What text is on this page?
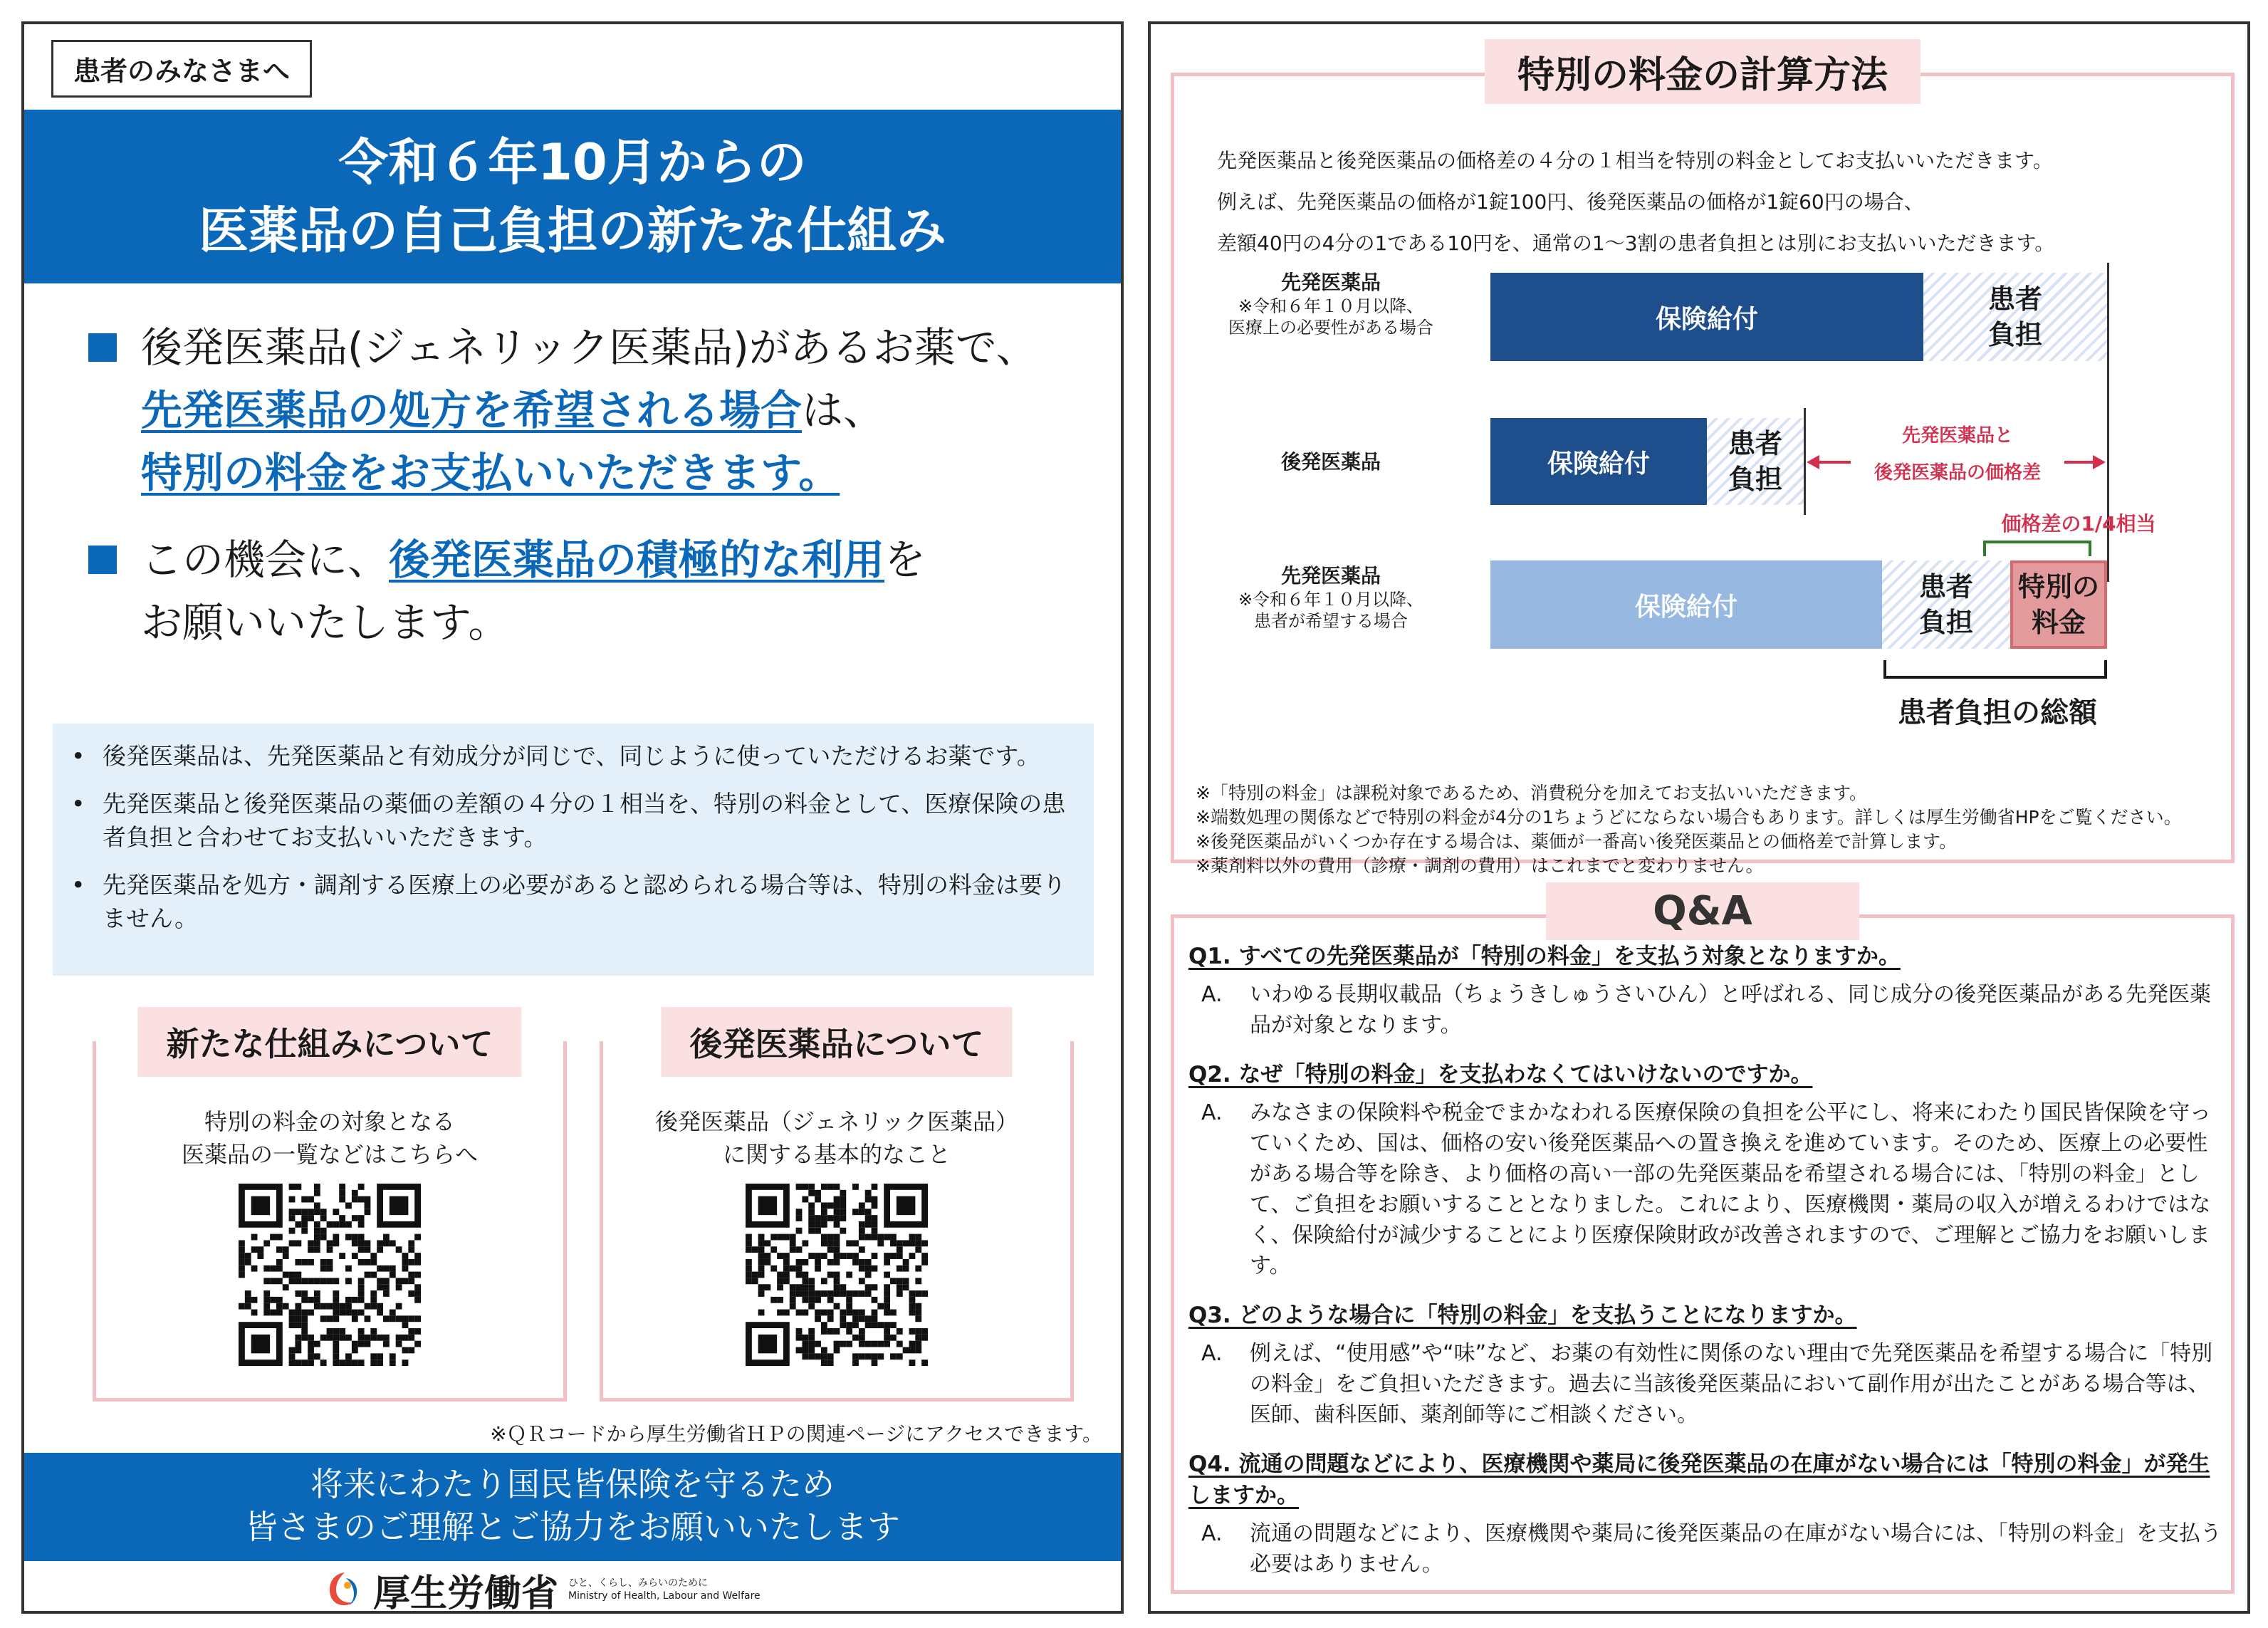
患者のみなさまへ
令和６年10月からの
医薬品の自己負担の新たな仕組み
後発医薬品(ジェネリック医薬品)があるお薬で、
先発医薬品の処方を希望される場合は、
特別の料金をお支払いいただきます。
この機会に、後発医薬品の積極的な利用を
お願いいたします。
• 後発医薬品は、先発医薬品と有効成分が同じで、同じように使っていただけるお薬です。
• 先発医薬品と後発医薬品の薬価の差額の４分の１相当を、特別の料金として、医療保険の患者負担と合わせてお支払いいただきます。
• 先発医薬品を処方・調剤する医療上の必要があると認められる場合等は、特別の料金は要りません。
新たな仕組みについて
特別の料金の対象となる
医薬品の一覧などはこちらへ
後発医薬品について
後発医薬品（ジェネリック医薬品）
に関する基本的なこと
※ＱＲコードから厚生労働省ＨＰの関連ページにアクセスできます。
将来にわたり国民皆保険を守るため
皆さまのご理解とご協力をお願いいたします
厚生労働省 ひと、くらし、みらいのために
Ministry of Health, Labour and Welfare
特別の料金の計算方法

先発医薬品と後発医薬品の価格差の４分の１相当を特別の料金としてお支払いいただきます。

例えば、先発医薬品の価格が1錠100円、後発医薬品の価格が1錠60円の場合、

差額40円の4分の1である10円を、通常の1～3割の患者負担とは別にお支払いいただきます。

先発医薬品
※令和６年１０月以降、
医療上の必要性がある場合	保険給付
患者
負担
後発医薬品	保険給付
患者
負担
先発医薬品と
後発医薬品の価格差
価格差の1/4相当
先発医薬品
※令和６年１０月以降、
患者が希望する場合	保険給付
患者
負担
特別の
料金
患者負担の総額

※「特別の料金」は課税対象であるため、消費税分を加えてお支払いいただきます。

※端数処理の関係などで特別の料金が4分の1ちょうどにならない場合もあります。詳しくは厚生労働省HPをご覧ください。

※後発医薬品がいくつか存在する場合は、薬価が一番高い後発医薬品との価格差で計算します。

※薬剤料以外の費用（診療・調剤の費用）はこれまでと変わりません。

Q&A
Q1. すべての先発医薬品が「特別の料金」を支払う対象となりますか。
A. いわゆる長期収載品（ちょうきしゅうさいひん）と呼ばれる、同じ成分の後発医薬品がある先発医薬品が対象となります。
Q2. なぜ「特別の料金」を支払わなくてはいけないのですか。
A. みなさまの保険料や税金でまかなわれる医療保険の負担を公平にし、将来にわたり国民皆保険を守っていくため、国は、価格の安い後発医薬品への置き換えを進めています。そのため、医療上の必要性がある場合等を除き、より価格の高い一部の先発医薬品を希望される場合には、「特別の料金」として、ご負担をお願いすることとなりました。これにより、医療機関・薬局の収入が増えるわけではなく、保険給付が減少することにより医療保険財政が改善されますので、ご理解とご協力をお願いします。
Q3. どのような場合に「特別の料金」を支払うことになりますか。
A. 例えば、“使用感”や“味”など、お薬の有効性に関係のない理由で先発医薬品を希望する場合に「特別の料金」をご負担いただきます。過去に当該後発医薬品において副作用が出たことがある場合等は、医師、歯科医師、薬剤師等にご相談ください。
Q4. 流通の問題などにより、医療機関や薬局に後発医薬品の在庫がない場合には「特別の料金」が発生しますか。
A. 流通の問題などにより、医療機関や薬局に後発医薬品の在庫がない場合には、「特別の料金」を支払う必要はありません。
